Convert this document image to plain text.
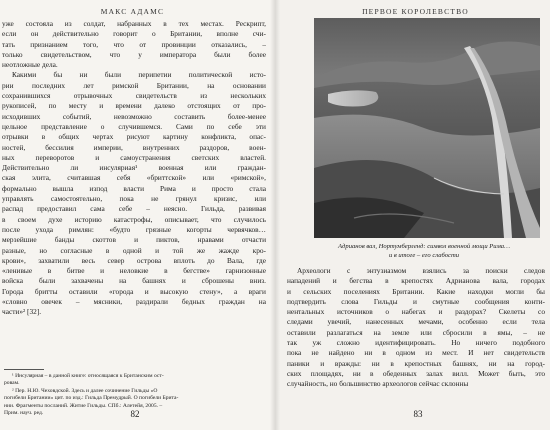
МАКС АДАМС
уже состояла из солдат, набранных в тех местах. Рескрипт,
если он действительно говорит о Британии, вполне счи-
тать признанием того, что от провинции отказались, –
только свидетельством, что у императора были более
неотложные дела.
Какими бы ни были перипетии политической исто-
рии последних лет римской Британии, на основании
сохранившихся отрывочных свидетельств из нескольких
рукописей, по месту и времени далеко отстоящих от про-
исходивших событий, невозможно составить более-менее
цельное представление о случившемся. Сами по себе эти
отрывки в общих чертах рисуют картину конфликта, опас-
ностей, бессилия империи, внутренних раздоров, воен-
ных переворотов и самоустранения светских властей.
Действительно ли инсуляриая¹ военная или граждан-
ская элита, считавшая себя «бриттской» или «римской»,
формально вышла изпод власти Рима и просто стала
управлять самостоятельно, пока не грянул кризис, или
распад предоставил сама себе – неясно. Гильда, развивая
в своем духе историю катастрофы, описывает, что случилось
после ухода римлян: «будто грязные когорты червячков…
мерзейшие банды скоттов и пиктов, нравами отчасти
разные, но согласные в одной и той же жажде кро-
крови», захватили весь север острова вплоть до Вала, где
«ленивые в битве и неловкие в бегстве» гарнизонные
войска были захвачены на башнях и сброшены вниз.
Города бритты оставили «города и высокую стену», а враги
«словно овечек – мясники, раздирали бедных граждан на
части»² [32].
¹ Инсулярная – в данной книге: относящаяся к Британским ост-
ровам.
² Пер. Н.Ю. Чеховдской. Здесь и далее сочинение Гильды «О
погибели Британии» цит. по изд.: Гильда Премудрый. О погибели Брита-
нии. Фрагменты посланий. Житие Гильды. СПб.: Алетейя, 2005. –
Прим. науч. ред.	82
ПЕРВОЕ КОРОЛЕВСТВО
Адрианов вал, Нортумберленд: символ военной мощи Рима…
и в итоге – его слабости
Археологи с энтузиазмом взялись за поиски следов
нападений и бегства в крепостях Адрианова вала, городах
и сельских поселениях Британии. Какие находки могли бы
подтвердить слова Гильды и смутные сообщения конти-
нентальных источников о набегах и раздорах? Скелеты со
следами увечий, нанесенных мечами, особенно если тела
оставили разлагаться на земле или сбросили в ямы, – не
так уж сложно идентифицировать. Но ничего подобного
пока не найдено ни в одном из мест. И нет свидетельств
паники и вражды: ни в крепостных башнях, ни на город-
ских площадях, ни в обеденных залах вилл. Может быть, это
случайность, но большинство археологов сейчас склонны
83
